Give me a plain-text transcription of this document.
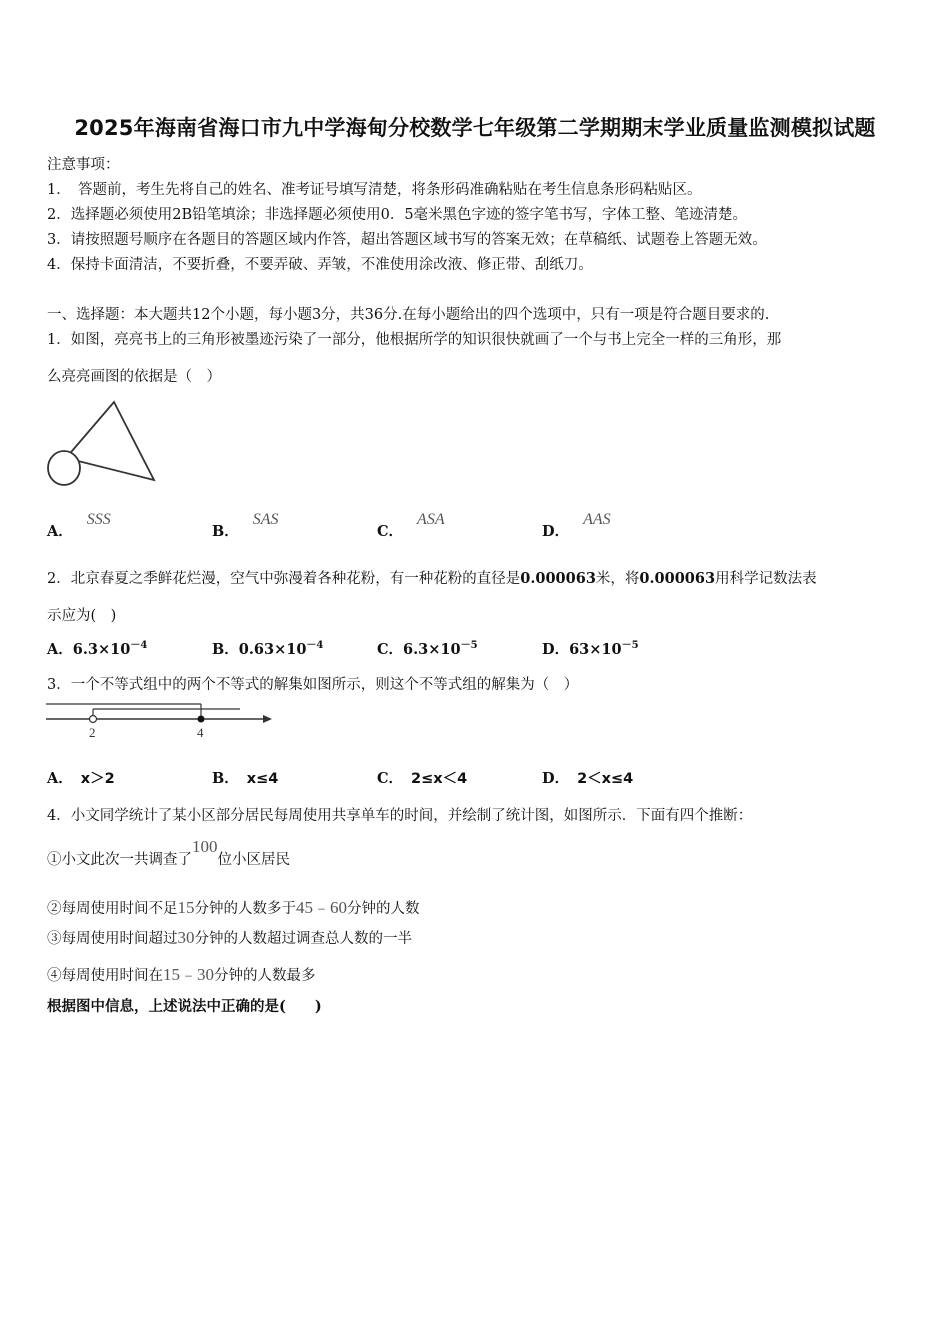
2025年海南省海口市九中学海甸分校数学七年级第二学期期末学业质量监测模拟试题
注意事项：
1．　答题前，考生先将自己的姓名、准考证号填写清楚，将条形码准确粘贴在考生信息条形码粘贴区。
2．选择题必须使用2B铅笔填涂；非选择题必须使用0．5毫米黑色字迹的签字笔书写，字体工整、笔迹清楚。
3．请按照题号顺序在各题目的答题区域内作答，超出答题区域书写的答案无效；在草稿纸、试题卷上答题无效。
4．保持卡面清洁，不要折叠，不要弄破、弄皱，不准使用涂改液、修正带、刮纸刀。
一、选择题：本大题共12个小题，每小题3分，共36分.在每小题给出的四个选项中，只有一项是符合题目要求的.
1．如图，亮亮书上的三角形被墨迹污染了一部分，他根据所学的知识很快就画了一个与书上完全一样的三角形，那
么亮亮画图的依据是（　）
A．SSS
B．SAS
C．ASA
D．AAS
2．北京春夏之季鲜花烂漫，空气中弥漫着各种花粉，有一种花粉的直径是0.000063米，将0.000063用科学记数法表
示应为(　)
A．$6.3\times 10^{-4}$	B．$0.63\times 10^{-4}$	C．$6.3\times 10^{-5}$	D．$63\times 10^{-5}$
3．一个不等式组中的两个不等式的解集如图所示，则这个不等式组的解集为（　）
2	4
A． x＞2	B． x≤4	C． 2≤x＜4	D． 2＜x≤4
4．小文同学统计了某小区部分居民每周使用共享单车的时间，并绘制了统计图，如图所示．下面有四个推断：
①小文此次一共调查了100位小区居民
②每周使用时间不足15分钟的人数多于45﹣60分钟的人数
③每周使用时间超过30分钟的人数超过调查总人数的一半
④每周使用时间在15﹣30分钟的人数最多
根据图中信息，上述说法中正确的是(　　)
